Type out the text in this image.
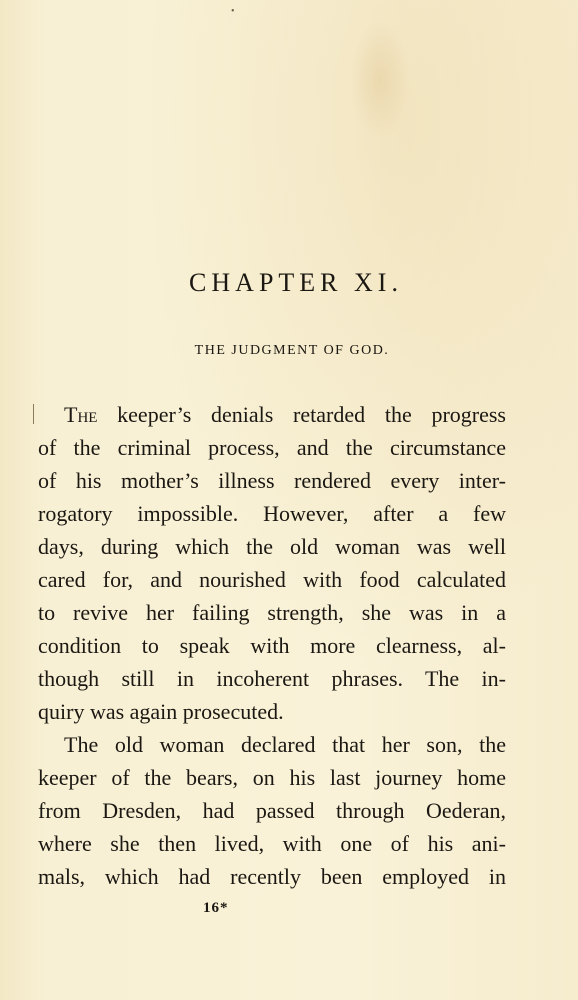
•
CHAPTER XI.
THE JUDGMENT OF GOD.
The keeper’s denials retarded the progress
of the criminal process, and the circumstance
of his mother’s illness rendered every inter-
rogatory impossible. However, after a few
days, during which the old woman was well
cared for, and nourished with food calculated
to revive her failing strength, she was in a
condition to speak with more clearness, al-
though still in incoherent phrases. The in-
quiry was again prosecuted.
The old woman declared that her son, the
keeper of the bears, on his last journey home
from Dresden, had passed through Oederan,
where she then lived, with one of his ani-
mals, which had recently been employed in
16*
